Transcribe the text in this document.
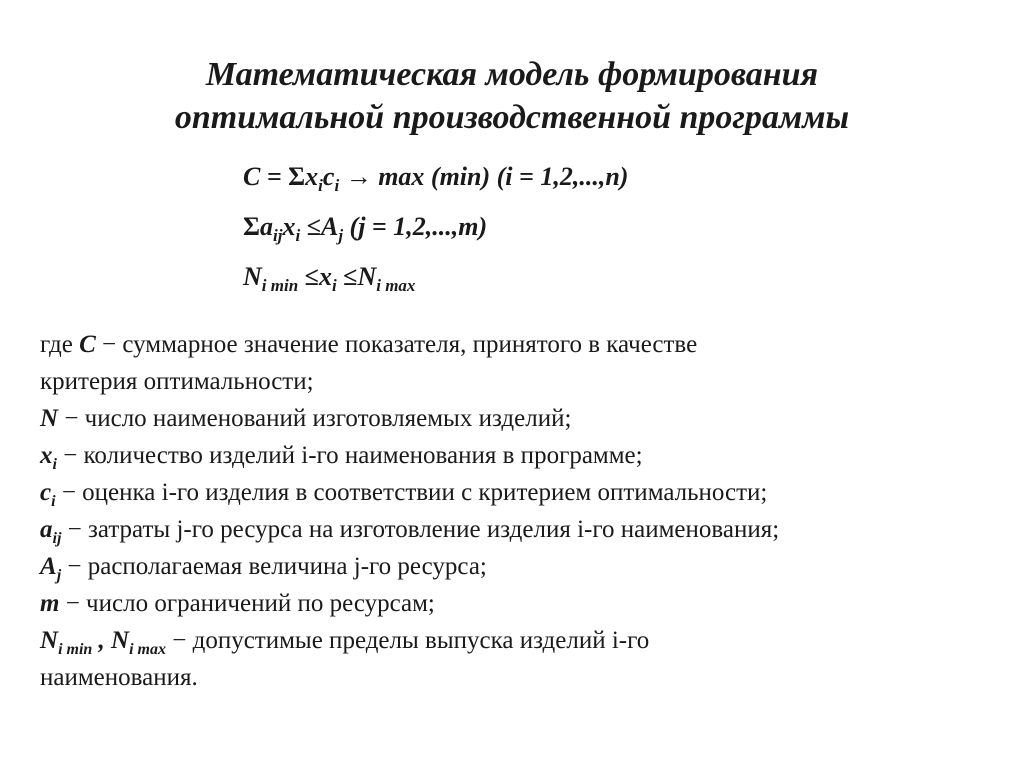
Математическая модель формирования
оптимальной производственной программы
$C = \Sigma x_ic_i \to \max (\min) (i = 1,2,...,n)$
$\Sigma a_{ij}x_i \le A_j$ (j = 1,2,...,m)
$N_{i min} \le x_i \le N_{i max}$
где C − суммарное значение показателя, принятого в качестве
критерия оптимальности;
N − число наименований изготовляемых изделий;
$x_i$ − количество изделий i-го наименования в программе;
$c_i$ − оценка i-го изделия в соответствии с критерием оптимальности;
$a_{ij}$ − затраты j-го ресурса на изготовление изделия i-го наименования;
$A_j$ − располагаемая величина j-го ресурса;
m − число ограничений по ресурсам;
$N_{i min}$ , $N_{i max}$ − допустимые пределы выпуска изделий i-го
наименования.
